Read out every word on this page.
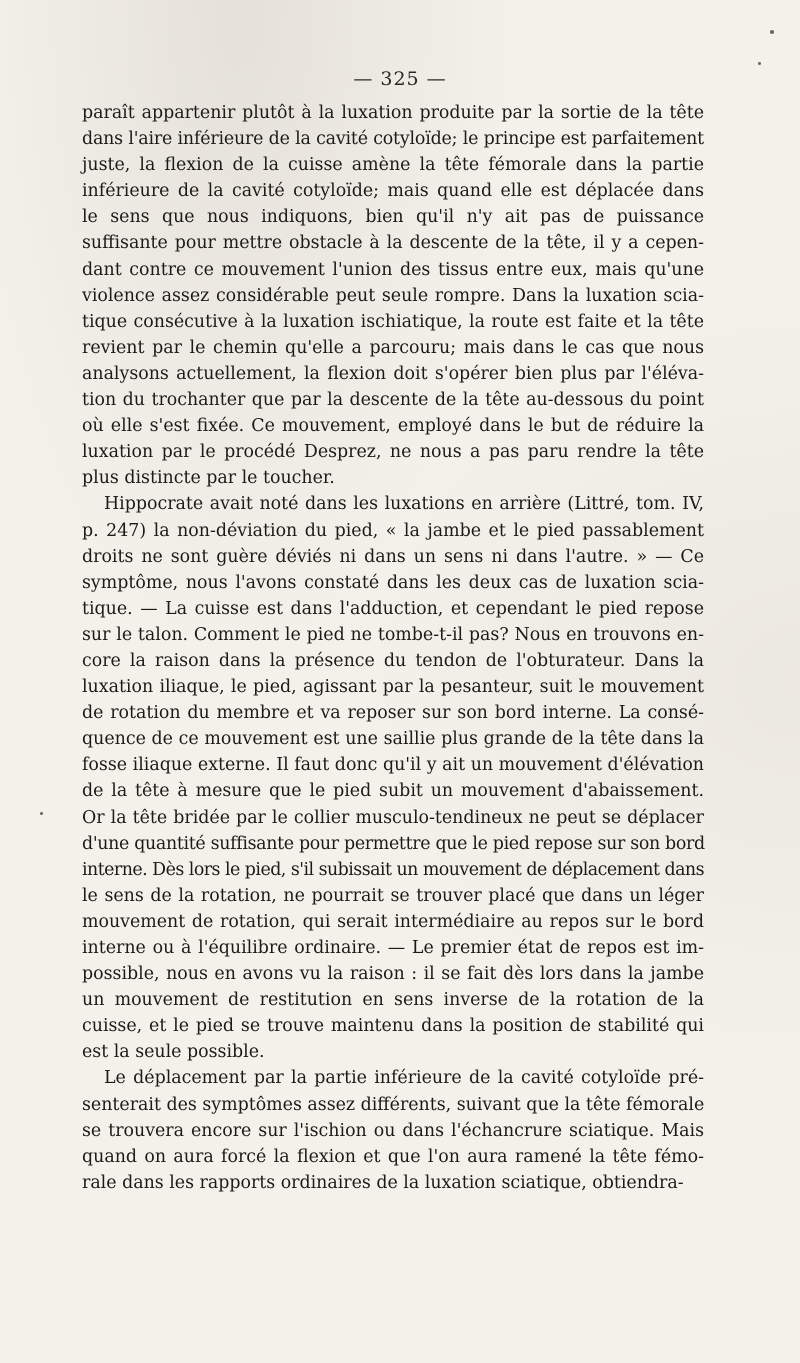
— 325 —
paraît appartenir plutôt à la luxation produite par la sortie de la tête
dans l'aire inférieure de la cavité cotyloïde; le principe est parfaitement
juste, la flexion de la cuisse amène la tête fémorale dans la partie
inférieure de la cavité cotyloïde; mais quand elle est déplacée dans
le sens que nous indiquons, bien qu'il n'y ait pas de puissance
suffisante pour mettre obstacle à la descente de la tête, il y a cepen-
dant contre ce mouvement l'union des tissus entre eux, mais qu'une
violence assez considérable peut seule rompre. Dans la luxation scia-
tique consécutive à la luxation ischiatique, la route est faite et la tête
revient par le chemin qu'elle a parcouru; mais dans le cas que nous
analysons actuellement, la flexion doit s'opérer bien plus par l'éléva-
tion du trochanter que par la descente de la tête au-dessous du point
où elle s'est fixée. Ce mouvement, employé dans le but de réduire la
luxation par le procédé Desprez, ne nous a pas paru rendre la tête
plus distincte par le toucher.
Hippocrate avait noté dans les luxations en arrière (Littré, tom. IV,
p. 247) la non-déviation du pied, « la jambe et le pied passablement
droits ne sont guère déviés ni dans un sens ni dans l'autre. » — Ce
symptôme, nous l'avons constaté dans les deux cas de luxation scia-
tique. — La cuisse est dans l'adduction, et cependant le pied repose
sur le talon. Comment le pied ne tombe-t-il pas? Nous en trouvons en-
core la raison dans la présence du tendon de l'obturateur. Dans la
luxation iliaque, le pied, agissant par la pesanteur, suit le mouvement
de rotation du membre et va reposer sur son bord interne. La consé-
quence de ce mouvement est une saillie plus grande de la tête dans la
fosse iliaque externe. Il faut donc qu'il y ait un mouvement d'élévation
de la tête à mesure que le pied subit un mouvement d'abaissement.
Or la tête bridée par le collier musculo-tendineux ne peut se déplacer
d'une quantité suffisante pour permettre que le pied repose sur son bord
interne. Dès lors le pied, s'il subissait un mouvement de déplacement dans
le sens de la rotation, ne pourrait se trouver placé que dans un léger
mouvement de rotation, qui serait intermédiaire au repos sur le bord
interne ou à l'équilibre ordinaire. — Le premier état de repos est im-
possible, nous en avons vu la raison : il se fait dès lors dans la jambe
un mouvement de restitution en sens inverse de la rotation de la
cuisse, et le pied se trouve maintenu dans la position de stabilité qui
est la seule possible.
Le déplacement par la partie inférieure de la cavité cotyloïde pré-
senterait des symptômes assez différents, suivant que la tête fémorale
se trouvera encore sur l'ischion ou dans l'échancrure sciatique. Mais
quand on aura forcé la flexion et que l'on aura ramené la tête fémo-
rale dans les rapports ordinaires de la luxation sciatique, obtiendra-
